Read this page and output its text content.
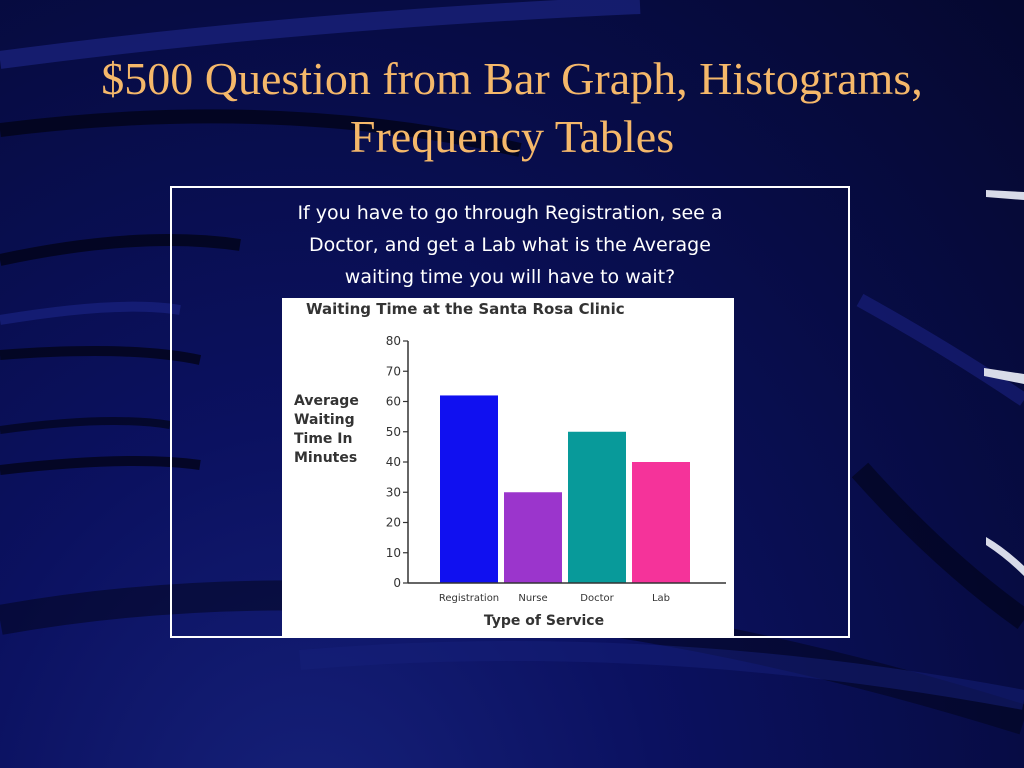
$500 Question from Bar Graph, Histograms,
Frequency Tables
If you have to go through Registration, see a
Doctor, and get a Lab what is the Average
waiting time you will have to wait?
Waiting Time at the Santa Rosa Clinic
Average
Waiting
Time In
Minutes
0
10
20
30
40
50
60
70
80
Registration Nurse	Doctor	Lab
Type of Service
